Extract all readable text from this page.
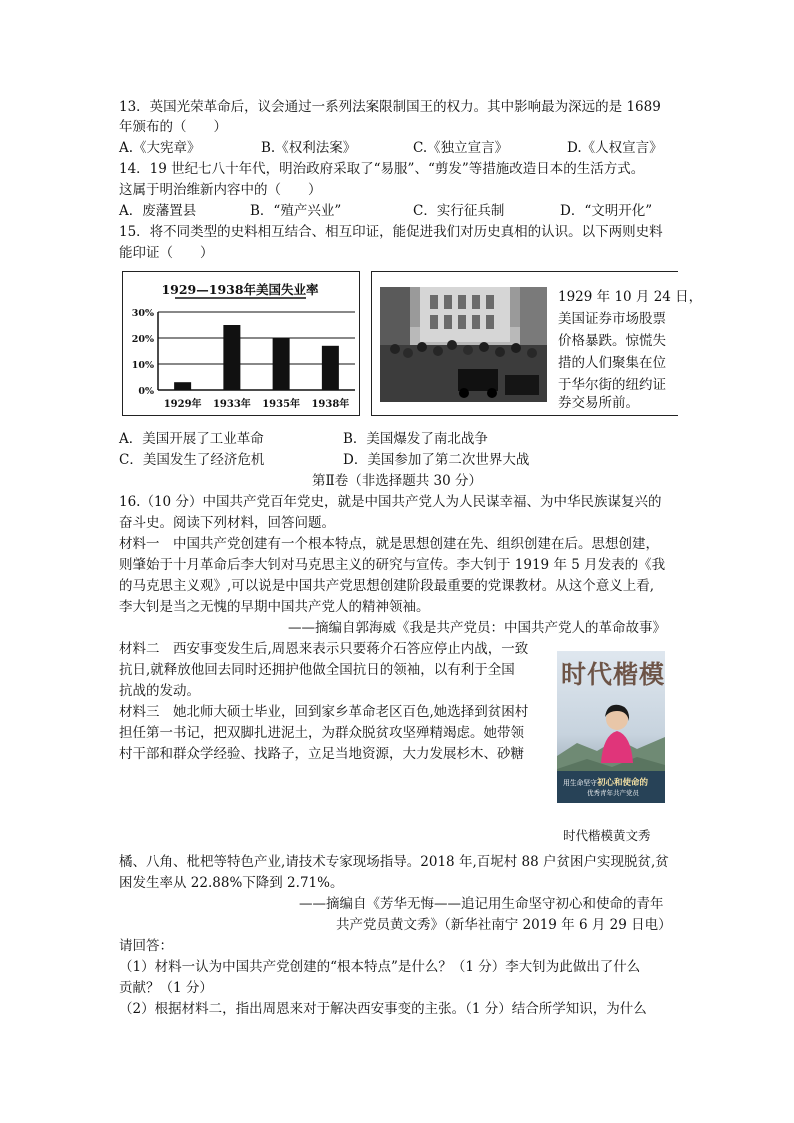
13．英国光荣革命后，议会通过一系列法案限制国王的权力。其中影响最为深远的是 1689
年颁布的（　　）
A.《大宪章》	B.《权利法案》	C.《独立宣言》	D.《人权宣言》
14．19 世纪七八十年代，明治政府采取了“易服”、“剪发”等措施改造日本的生活方式。
这属于明治维新内容中的（　　）
A．废藩置县	B．“殖产兴业”	C．实行征兵制	D．“文明开化”
15．将不同类型的史料相互结合、相互印证，能促进我们对历史真相的认识。以下两则史料
能印证（　　）
1929—1938年美国失业率
0%
10%
20%
30%
1929年 1933年 1935年 1938年
1929 年 10 月 24 日，
美国证券市场股票
价格暴跌。惊慌失
措的人们聚集在位
于华尔街的纽约证
券交易所前。
A．美国开展了工业革命	B．美国爆发了南北战争
C．美国发生了经济危机	D．美国参加了第二次世界大战
第Ⅱ卷（非选择题共 30 分）
16.（10 分）中国共产党百年党史，就是中国共产党人为人民谋幸福、为中华民族谋复兴的
奋斗史。阅读下列材料，回答问题。
材料一　中国共产党创建有一个根本特点，就是思想创建在先、组织创建在后。思想创建，
则肇始于十月革命后李大钊对马克思主义的研究与宣传。李大钊于 1919 年 5 月发表的《我
的马克思主义观》,可以说是中国共产党思想创建阶段最重要的党课教材。从这个意义上看,
李大钊是当之无愧的早期中国共产党人的精神领袖。
——摘编自郭海威《我是共产党员：中国共产党人的革命故事》
材料二　西安事变发生后,周恩来表示只要蒋介石答应停止内战，一致
抗日,就释放他回去同时还拥护他做全国抗日的领袖，以有利于全国
抗战的发动。
材料三　她北师大硕士毕业，回到家乡革命老区百色,她选择到贫困村
担任第一书记，把双脚扎进泥土，为群众脱贫攻坚殚精竭虑。她带领
村干部和群众学经验、找路子，立足当地资源，大力发展杉木、砂糖
时代楷模
用生命坚守初心和使命的
优秀青年共产党员
时代楷模黄文秀
橘、八角、枇杷等特色产业,请技术专家现场指导。2018 年,百坭村 88 户贫困户实现脱贫,贫
困发生率从 22.88%下降到 2.71%。
——摘编自《芳华无悔——追记用生命坚守初心和使命的青年
共产党员黄文秀》（新华社南宁 2019 年 6 月 29 日电）
请回答：
（1）材料一认为中国共产党创建的“根本特点”是什么？（1 分）李大钊为此做出了什么
贡献？（1 分）
（2）根据材料二，指出周恩来对于解决西安事变的主张。（1 分）结合所学知识，为什么
